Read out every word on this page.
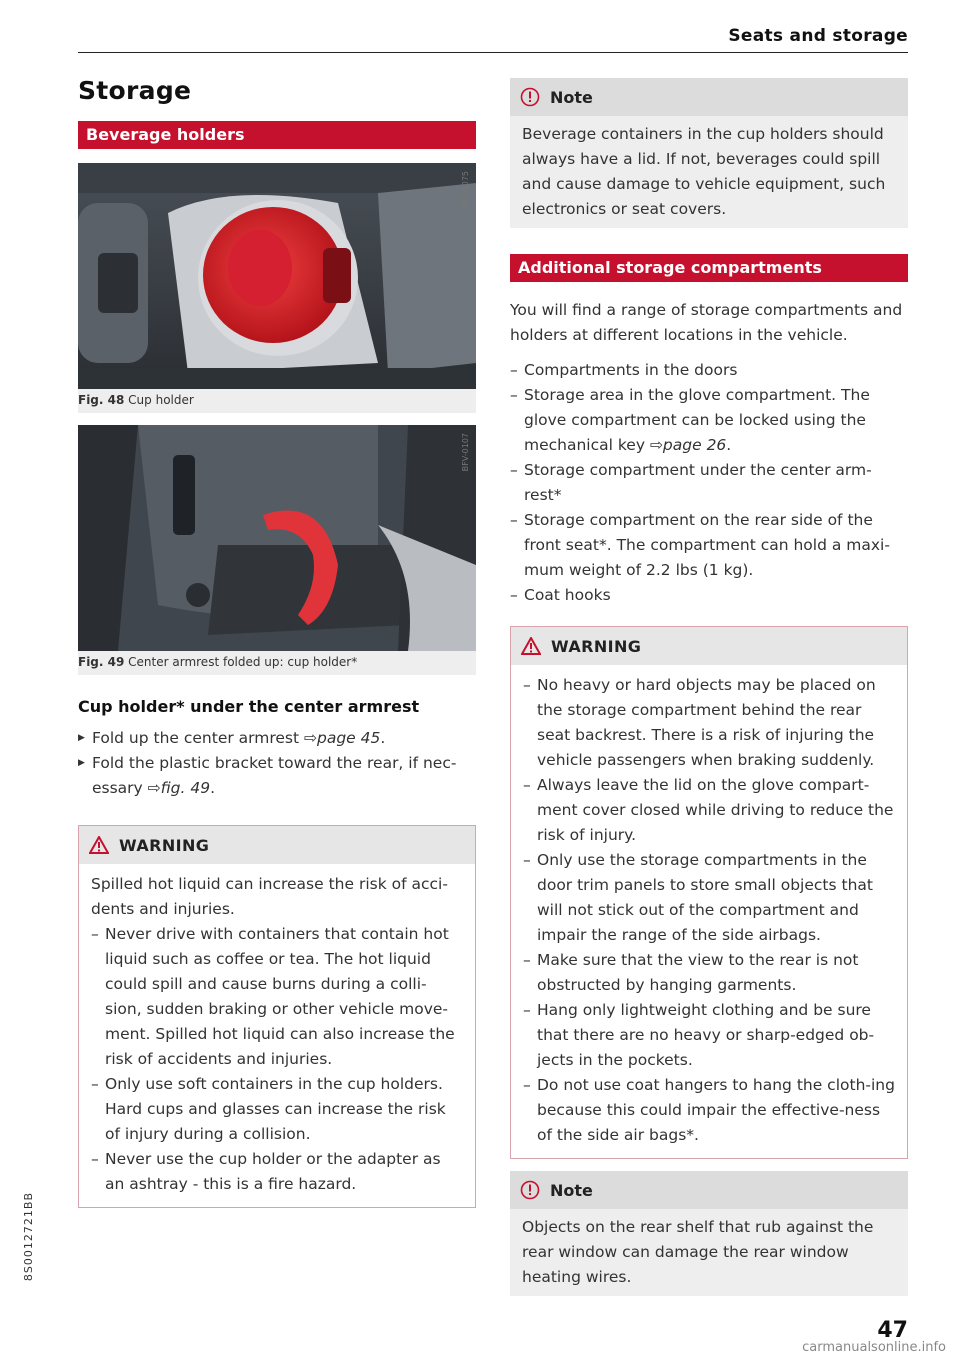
Seats and storage
Storage
Beverage holders
BFV-0075
Fig. 48 Cup holder
BFV-0107
Fig. 49 Center armrest folded up: cup holder*
Cup holder* under the center armrest
▶ Fold up the center armrest ⇨page 45.
▶ Fold the plastic bracket toward the rear, if nec-essary ⇨fig. 49.
WARNING

Spilled hot liquid can increase the risk of acci-dents and injuries.

– Never drive with containers that contain hot liquid such as coffee or tea. The hot liquid could spill and cause burns during a colli-sion, sudden braking or other vehicle move-ment. Spilled hot liquid can also increase the risk of accidents and injuries.
– Only use soft containers in the cup holders. Hard cups and glasses can increase the risk of injury during a collision.
– Never use the cup holder or the adapter as an ashtray - this is a fire hazard.
Note

Beverage containers in the cup holders should always have a lid. If not, beverages could spill and cause damage to vehicle equipment, such electronics or seat covers.

Additional storage compartments

You will find a range of storage compartments and holders at different locations in the vehicle.

– Compartments in the doors
– Storage area in the glove compartment. The glove compartment can be locked using the mechanical key ⇨page 26.
– Storage compartment under the center arm-rest*
– Storage compartment on the rear side of the front seat*. The compartment can hold a maxi-mum weight of 2.2 lbs (1 kg).
– Coat hooks
WARNING
– No heavy or hard objects may be placed on the storage compartment behind the rear seat backrest. There is a risk of injuring the vehicle passengers when braking suddenly.
– Always leave the lid on the glove compart-ment cover closed while driving to reduce the risk of injury.
– Only use the storage compartments in the door trim panels to store small objects that will not stick out of the compartment and impair the range of the side airbags.
– Make sure that the view to the rear is not obstructed by hanging garments.
– Hang only lightweight clothing and be sure that there are no heavy or sharp-edged ob-jects in the pockets.
– Do not use coat hangers to hang the cloth-ing because this could impair the effective-ness of the side air bags*.
Note

Objects on the rear shelf that rub against the rear window can damage the rear window heating wires.

47
8S0012721BB
carmanualsonline.info
